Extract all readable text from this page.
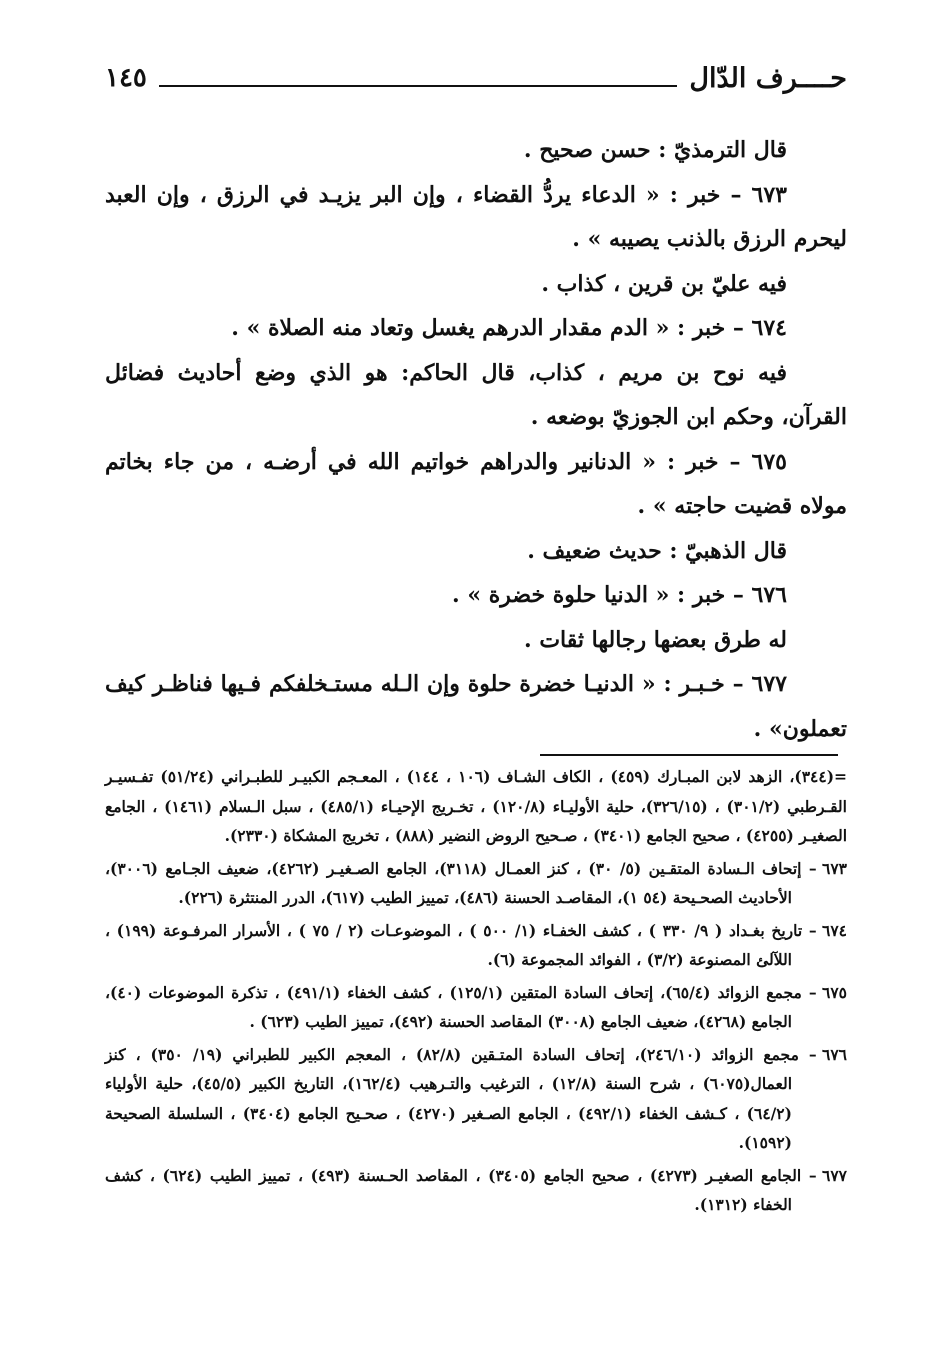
حــــرف الدّال
١٤٥

قال الترمذيّ : حسن صحيح .

٦٧٣ – خبر : « الدعاء يردُّ القضاء ، وإن البر يزيـد في الرزق ، وإن العبد ليحرم الرزق بالذنب يصيبه » .

فيه عليّ بن قرين ، كذاب .

٦٧٤ – خبر : « الدم مقدار الدرهم يغسل وتعاد منه الصلاة » .

فيه نوح بن مريم ، كذاب، قال الحاكم: هو الذي وضع أحاديث فضائل القرآن، وحكم ابن الجوزيّ بوضعه .

٦٧٥ – خبر : « الدنانير والدراهم خواتيم الله في أرضـه ، من جاء بخاتم مولاه قضيت حاجته » .

قال الذهبيّ : حديث ضعيف .

٦٧٦ – خبر : « الدنيا حلوة خضرة » .

له طرق بعضها رجالها ثقات .

٦٧٧ – خـبـر : « الدنيـا خضرة حلوة وإن الـله مستـخلفكم فـيها فناظـر كيف تعملون» .

=(٣٤٤)، الزهد لابن المبـارك (٤٥٩) ، الكاف الشـاف (١٠٦ ، ١٤٤) ، المعـجم الكبيـر للطبـراني (٥١/٢٤) تفـسيـر القـرطبي (٣٠١/٢) ، (٣٢٦/١٥)، حلية الأوليـاء (١٢٠/٨) ، تخـريج الإحيـاء (٤٨٥/١) ، سبل الـسلام (١٤٦١) ، الجامع الصغيـر (٤٢٥٥) ، صحيح الجامع (٣٤٠١) ، صـحيح الروض النضير (٨٨٨) ، تخريج المشكاة (٢٣٣٠).

٦٧٣ – إتحاف الـسادة المتقـين (٥/ ٣٠) ، كنز العمـال (٣١١٨)، الجامع الصـغيـر (٤٢٦٢)، ضعيف الجـامع (٣٠٠٦)، الأحاديث الصحـيحة (٥٤ ١)، المقاصـد الحسنة (٤٨٦)، تمييز الطيب (٦١٧)، الدرر المنتثرة (٢٢٦).

٦٧٤ – تاريخ بغـداد ( ٩/ ٣٣٠ ) ، كشف الخفـاء (١/ ٥٠٠ ) ، الموضوعـات (٢ / ٧٥ ) ، الأسرار المرفـوعة (١٩٩) ، اللآلئ المصنوعة (٣/٢) ، الفوائد المجموعة (٦).

٦٧٥ – مجمع الزوائد (٦٥/٤)، إتحاف السادة المتقين (١٢٥/١) ، كشف الخفاء (٤٩١/١) ، تذكرة الموضوعات (٤٠)، الجامع (٤٢٦٨)، ضعيف الجامع (٣٠٠٨) المقاصد الحسنة (٤٩٢)، تمييز الطيب (٦٢٣) .

٦٧٦ – مجمع الزوائد (٢٤٦/١٠)، إتحاف السادة المتـقين (٨٢/٨) ، المعجم الكبير للطبراني (١٩/ ٣٥٠) ، كنز العمال(٦٠٧٥) ، شرح السنة (١٢/٨) ، الترغيب والتـرهيب (١٦٢/٤)، التاريخ الكبير (٤٥/٥)، حلية الأولياء (٦٤/٢) ، كـشف الخفاء (٤٩٢/١) ، الجامع الصـغير (٤٢٧٠) ، صحـيح الجامع (٣٤٠٤) ، السلسلة الصحيحة (١٥٩٢).

٦٧٧ – الجامع الصغيـر (٤٢٧٣) ، صحيح الجامع (٣٤٠٥) ، المقاصد الحـسنة (٤٩٣) ، تمييز الطيب (٦٢٤) ، كشف الخفاء (١٣١٢).
